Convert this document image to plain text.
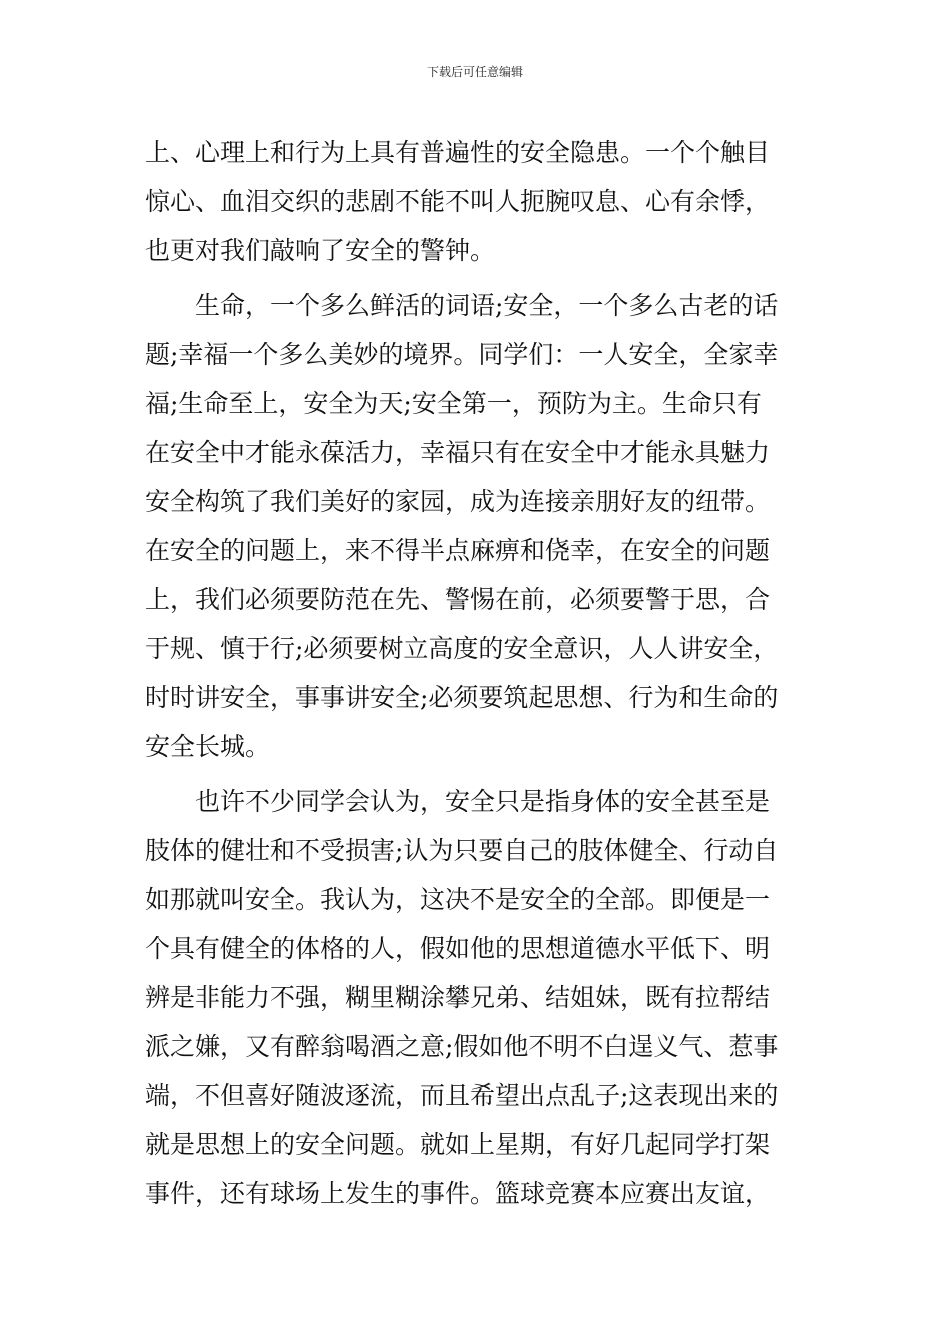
下载后可任意编辑
上、心理上和行为上具有普遍性的安全隐患。一个个触目
惊心、血泪交织的悲剧不能不叫人扼腕叹息、心有余悸，
也更对我们敲响了安全的警钟。
　　生命，一个多么鲜活的词语;安全，一个多么古老的话
题;幸福一个多么美妙的境界。同学们：一人安全，全家幸
福;生命至上，安全为天;安全第一，预防为主。生命只有
在安全中才能永葆活力，幸福只有在安全中才能永具魅力
安全构筑了我们美好的家园，成为连接亲朋好友的纽带。
在安全的问题上，来不得半点麻痹和侥幸，在安全的问题
上，我们必须要防范在先、警惕在前，必须要警于思，合
于规、慎于行;必须要树立高度的安全意识，人人讲安全，
时时讲安全，事事讲安全;必须要筑起思想、行为和生命的
安全长城。
　　也许不少同学会认为，安全只是指身体的安全甚至是
肢体的健壮和不受损害;认为只要自己的肢体健全、行动自
如那就叫安全。我认为，这决不是安全的全部。即便是一
个具有健全的体格的人，假如他的思想道德水平低下、明
辨是非能力不强，糊里糊涂攀兄弟、结姐妹，既有拉帮结
派之嫌，又有醉翁喝酒之意;假如他不明不白逞义气、惹事
端，不但喜好随波逐流，而且希望出点乱子;这表现出来的
就是思想上的安全问题。就如上星期，有好几起同学打架
事件，还有球场上发生的事件。篮球竞赛本应赛出友谊，
